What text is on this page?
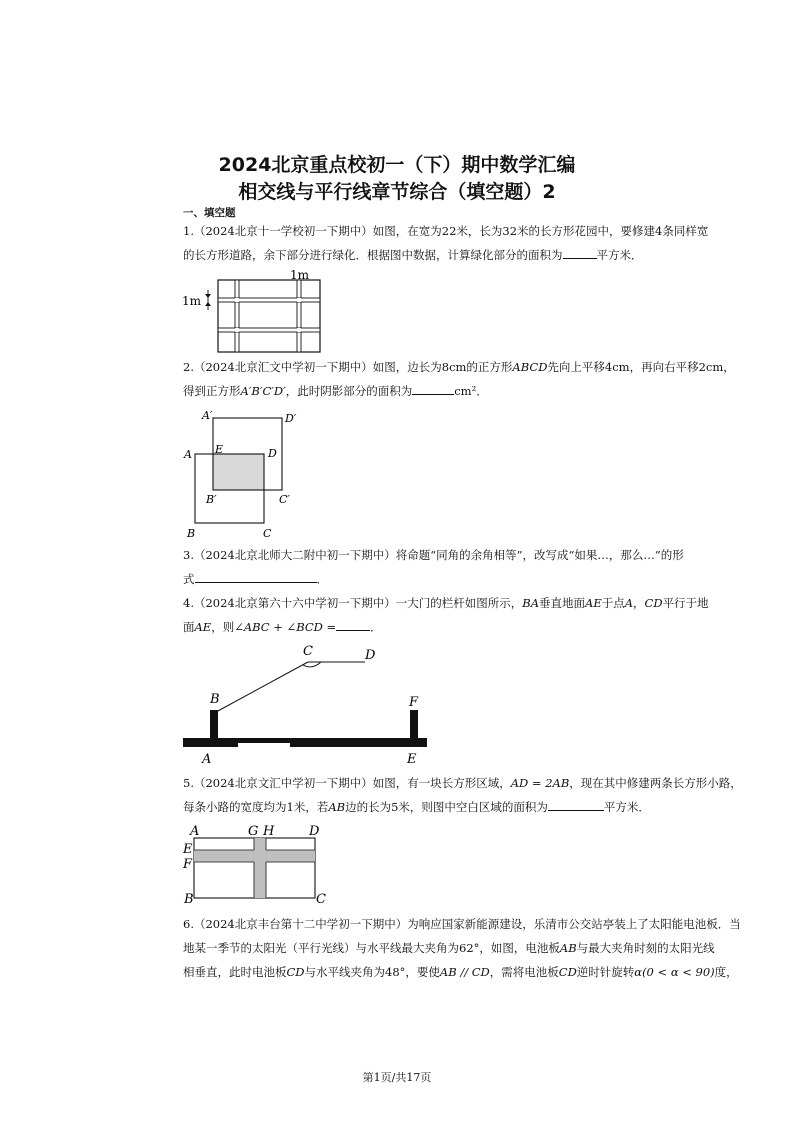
2024北京重点校初一（下）期中数学汇编
相交线与平行线章节综合（填空题）2
一、填空题
1.（2024北京十一学校初一下期中）如图，在宽为22米，长为32米的长方形花园中，要修建4条同样宽
的长方形道路，余下部分进行绿化．根据图中数据，计算绿化部分的面积为	平方米．
1m
1m
2.（2024北京汇文中学初一下期中）如图，边长为8cm的正方形ABCD先向上平移4cm，再向右平移2cm，
得到正方形A′B′C′D′，此时阴影部分的面积为	cm²．
A′	D′
A E	D
B′	C′
B	C
3.（2024北京北师大二附中初一下期中）将命题“同角的余角相等”，改写成“如果…，那么…”的形
式	．
4.（2024北京第六十六中学初一下期中）一大门的栏杆如图所示，BA垂直地面AE于点A，CD平行于地
面AE，则∠ABC + ∠BCD =	．
C	D
B	F
A	E
5.（2024北京文汇中学初一下期中）如图，有一块长方形区域，AD = 2AB，现在其中修建两条长方形小路，
每条小路的宽度均为1米，若AB边的长为5米，则图中空白区域的面积为	平方米．
A	G H	D
E
F
B	C
6.（2024北京丰台第十二中学初一下期中）为响应国家新能源建设，乐清市公交站亭装上了太阳能电池板．当
地某一季节的太阳光（平行光线）与水平线最大夹角为62°，如图，电池板AB与最大夹角时刻的太阳光线
相垂直，此时电池板CD与水平线夹角为48°，要使AB // CD，需将电池板CD逆时针旋转α(0 < α < 90)度，
第1页/共17页
